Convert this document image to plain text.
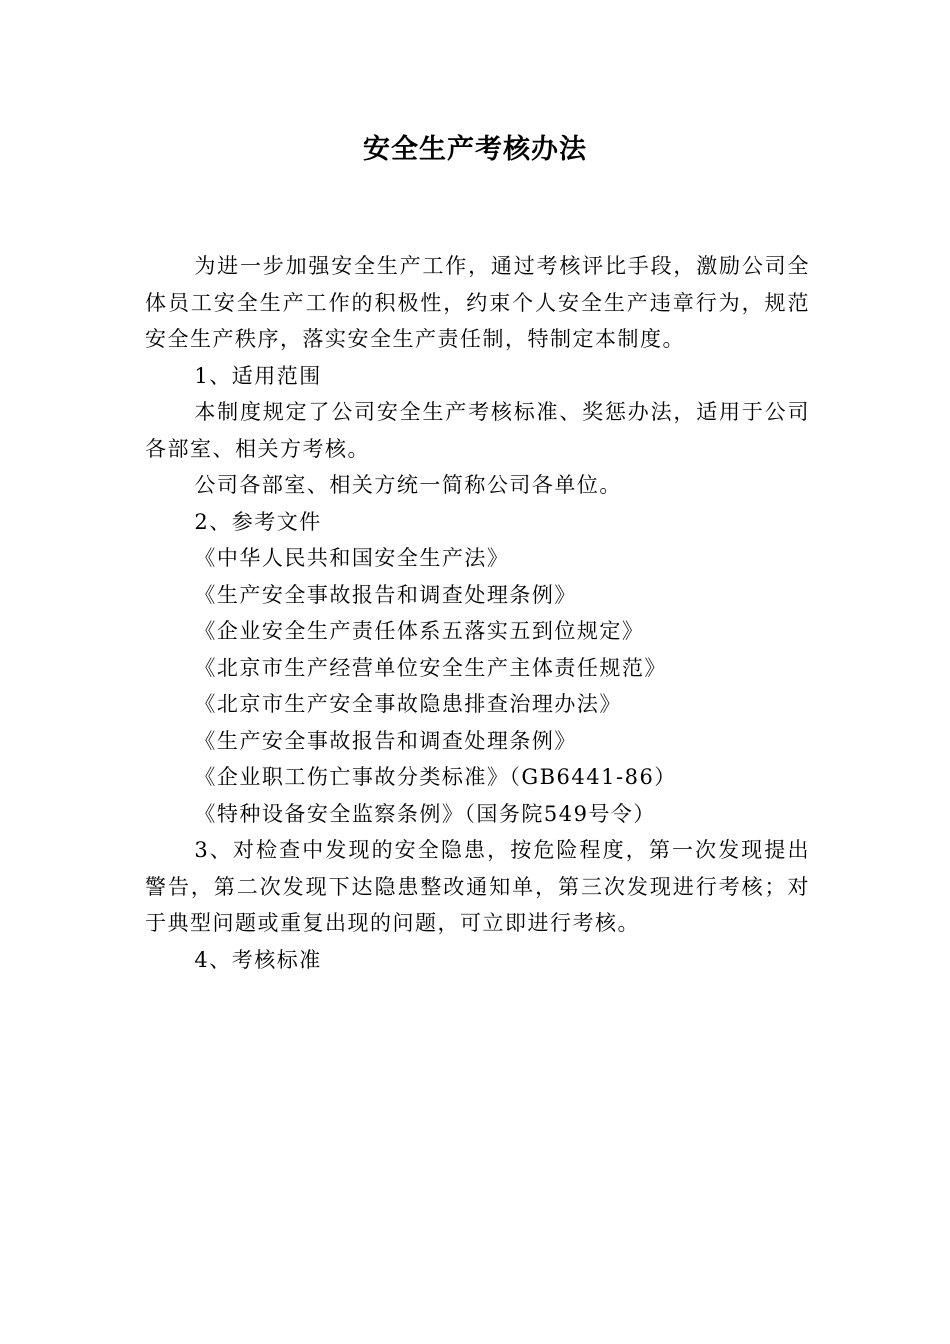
安全生产考核办法

为进一步加强安全生产工作，通过考核评比手段，激励公司全体员工安全生产工作的积极性，约束个人安全生产违章行为，规范安全生产秩序，落实安全生产责任制，特制定本制度。

1、适用范围

本制度规定了公司安全生产考核标准、奖惩办法，适用于公司各部室、相关方考核。

公司各部室、相关方统一简称公司各单位。

2、参考文件

《中华人民共和国安全生产法》

《生产安全事故报告和调查处理条例》

《企业安全生产责任体系五落实五到位规定》

《北京市生产经营单位安全生产主体责任规范》

《北京市生产安全事故隐患排查治理办法》

《生产安全事故报告和调查处理条例》

《企业职工伤亡事故分类标准》（GB6441-86）

《特种设备安全监察条例》（国务院549号令）

3、对检查中发现的安全隐患，按危险程度，第一次发现提出警告，第二次发现下达隐患整改通知单，第三次发现进行考核；对于典型问题或重复出现的问题，可立即进行考核。

4、考核标准
